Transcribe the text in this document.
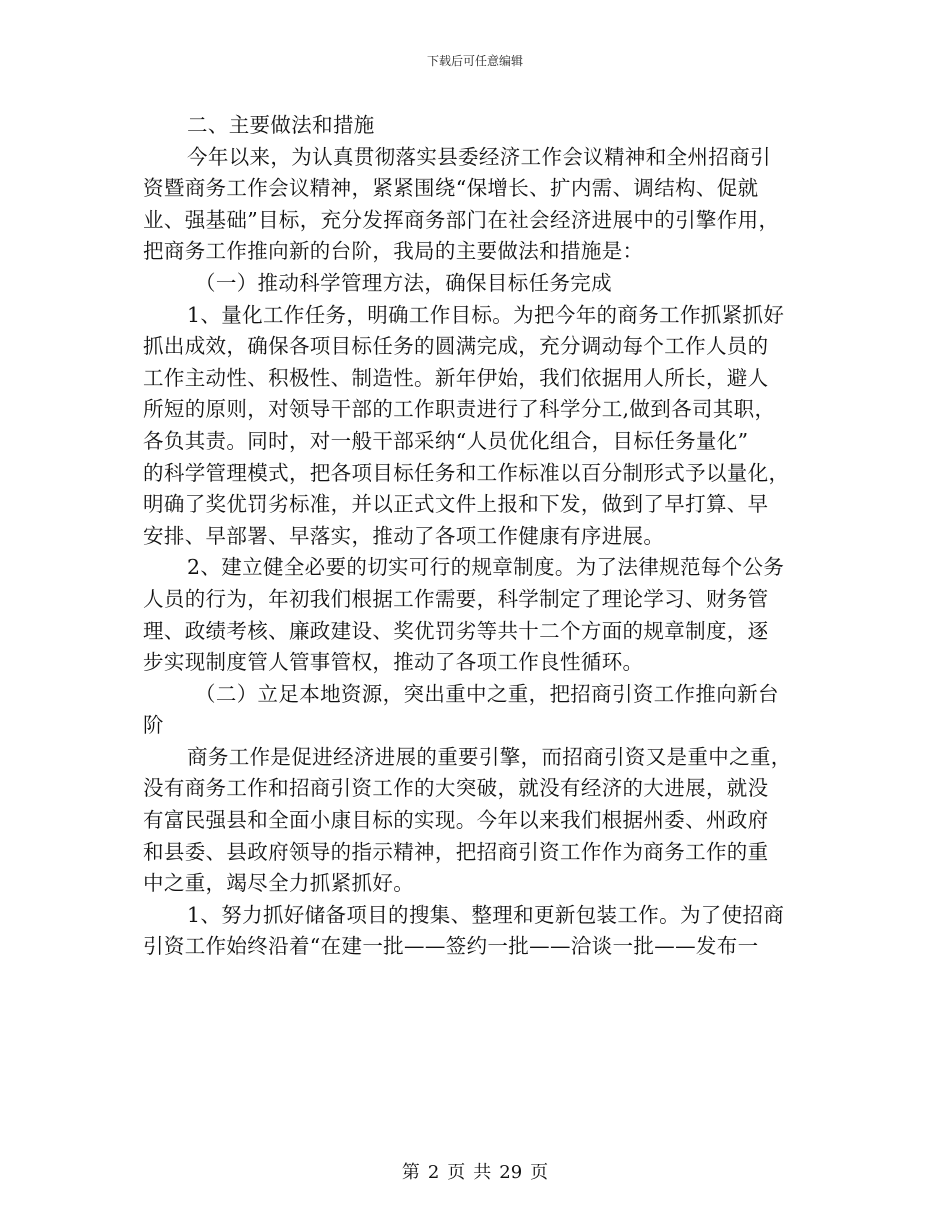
下载后可任意编辑
二、主要做法和措施
今年以来，为认真贯彻落实县委经济工作会议精神和全州招商引
资暨商务工作会议精神，紧紧围绕“保增长、扩内需、调结构、促就
业、强基础”目标，充分发挥商务部门在社会经济进展中的引擎作用，
把商务工作推向新的台阶，我局的主要做法和措施是：
（一）推动科学管理方法，确保目标任务完成
1、量化工作任务，明确工作目标。为把今年的商务工作抓紧抓好
抓出成效，确保各项目标任务的圆满完成，充分调动每个工作人员的
工作主动性、积极性、制造性。新年伊始，我们依据用人所长，避人
所短的原则，对领导干部的工作职责进行了科学分工,做到各司其职，
各负其责。同时，对一般干部采纳“人员优化组合，目标任务量化”
的科学管理模式，把各项目标任务和工作标准以百分制形式予以量化，
明确了奖优罚劣标准，并以正式文件上报和下发，做到了早打算、早
安排、早部署、早落实，推动了各项工作健康有序进展。
2、建立健全必要的切实可行的规章制度。为了法律规范每个公务
人员的行为，年初我们根据工作需要，科学制定了理论学习、财务管
理、政绩考核、廉政建设、奖优罚劣等共十二个方面的规章制度，逐
步实现制度管人管事管权，推动了各项工作良性循环。
（二）立足本地资源，突出重中之重，把招商引资工作推向新台
阶
商务工作是促进经济进展的重要引擎，而招商引资又是重中之重，
没有商务工作和招商引资工作的大突破，就没有经济的大进展，就没
有富民强县和全面小康目标的实现。今年以来我们根据州委、州政府
和县委、县政府领导的指示精神，把招商引资工作作为商务工作的重
中之重，竭尽全力抓紧抓好。
1、努力抓好储备项目的搜集、整理和更新包装工作。为了使招商
引资工作始终沿着“在建一批——签约一批——洽谈一批——发布一
第 2 页 共 29 页
